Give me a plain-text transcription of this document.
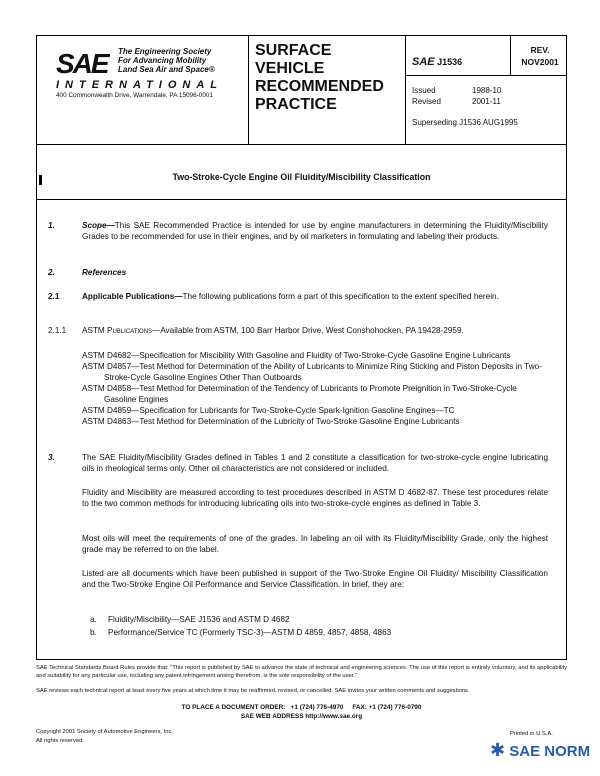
SAE The Engineering Society
For Advancing Mobility
Land Sea Air and Space®
INTERNATIONAL
400 Commonwealth Drive, Warrendale, PA 15096-0001
SURFACE
VEHICLE
RECOMMENDED
PRACTICE
SAE J1536
REV.
NOV2001
Issued	1988-10
Revised	2001-11
Superseding J1536 AUG1995
Two-Stroke-Cycle Engine Oil Fluidity/Miscibility Classification
1.	Scope—This SAE Recommended Practice is intended for use by engine manufacturers in determining the Fluidity/Miscibility Grades to be recommended for use in their engines, and by oil marketers in formulating and labeling their products.
2.	References
2.1	Applicable Publications—The following publications form a part of this specification to the extent specified herein.
2.1.1 ASTM Publications—Available from ASTM, 100 Barr Harbor Drive, West Conshohocken, PA 19428-2959.
ASTM D4682—Specification for Miscibility With Gasoline and Fluidity of Two-Stroke-Cycle Gasoline Engine Lubricants
ASTM D4857—Test Method for Determination of the Ability of Lubricants to Minimize Ring Sticking and Piston Deposits in Two-Stroke-Cycle Gasoline Engines Other Than Outboards
ASTM D4858—Test Method for Determination of the Tendency of Lubricants to Promote Preignition in Two-Stroke-Cycle Gasoline Engines
ASTM D4859—Specification for Lubricants for Two-Stroke-Cycle Spark-Ignition Gasoline Engines—TC
ASTM D4863—Test Method for Determination of the Lubricity of Two-Stroke Gasoline Engine Lubricants
3.	The SAE Fluidity/Miscibility Grades defined in Tables 1 and 2 constitute a classification for two-stroke-cycle engine lubricating oils in rheological terms only. Other oil characteristics are not considered or included.
Fluidity and Miscibility are measured according to test procedures described in ASTM D 4682-87. These test procedures relate to the two common methods for introducing lubricating oils into two-stroke-cycle engines as defined in Table 3.
Most oils will meet the requirements of one of the grades. In labeling an oil with its Fluidity/Miscibility Grade, only the highest grade may be referred to on the label.
Listed are all documents which have been published in support of the Two-Stroke Engine Oil Fluidity/ Miscibility Classification and the Two-Stroke Engine Oil Performance and Service Classification. In brief, they are:
a. Fluidity/Miscibility—SAE J1536 and ASTM D 4682
b. Performance/Service TC (Formerly TSC-3)—ASTM D 4859, 4857, 4858, 4863
SAE Technical Standards Board Rules provide that: "This report is published by SAE to advance the state of technical and engineering sciences. The use of this report is entirely voluntary, and its applicability and suitability for any particular use, including any patent infringement arising therefrom, is the sole responsibility of the user."
SAE reviews each technical report at least every five years at which time it may be reaffirmed, revised, or cancelled. SAE invites your written comments and suggestions.
TO PLACE A DOCUMENT ORDER:   +1 (724) 776-4970     FAX: +1 (724) 776-0790
SAE WEB ADDRESS http://www.sae.org
Copyright 2001 Society of Automotive Engineers, Inc.
All rights reserved.
Printed in U.S.A.
✱ SAE NORM
